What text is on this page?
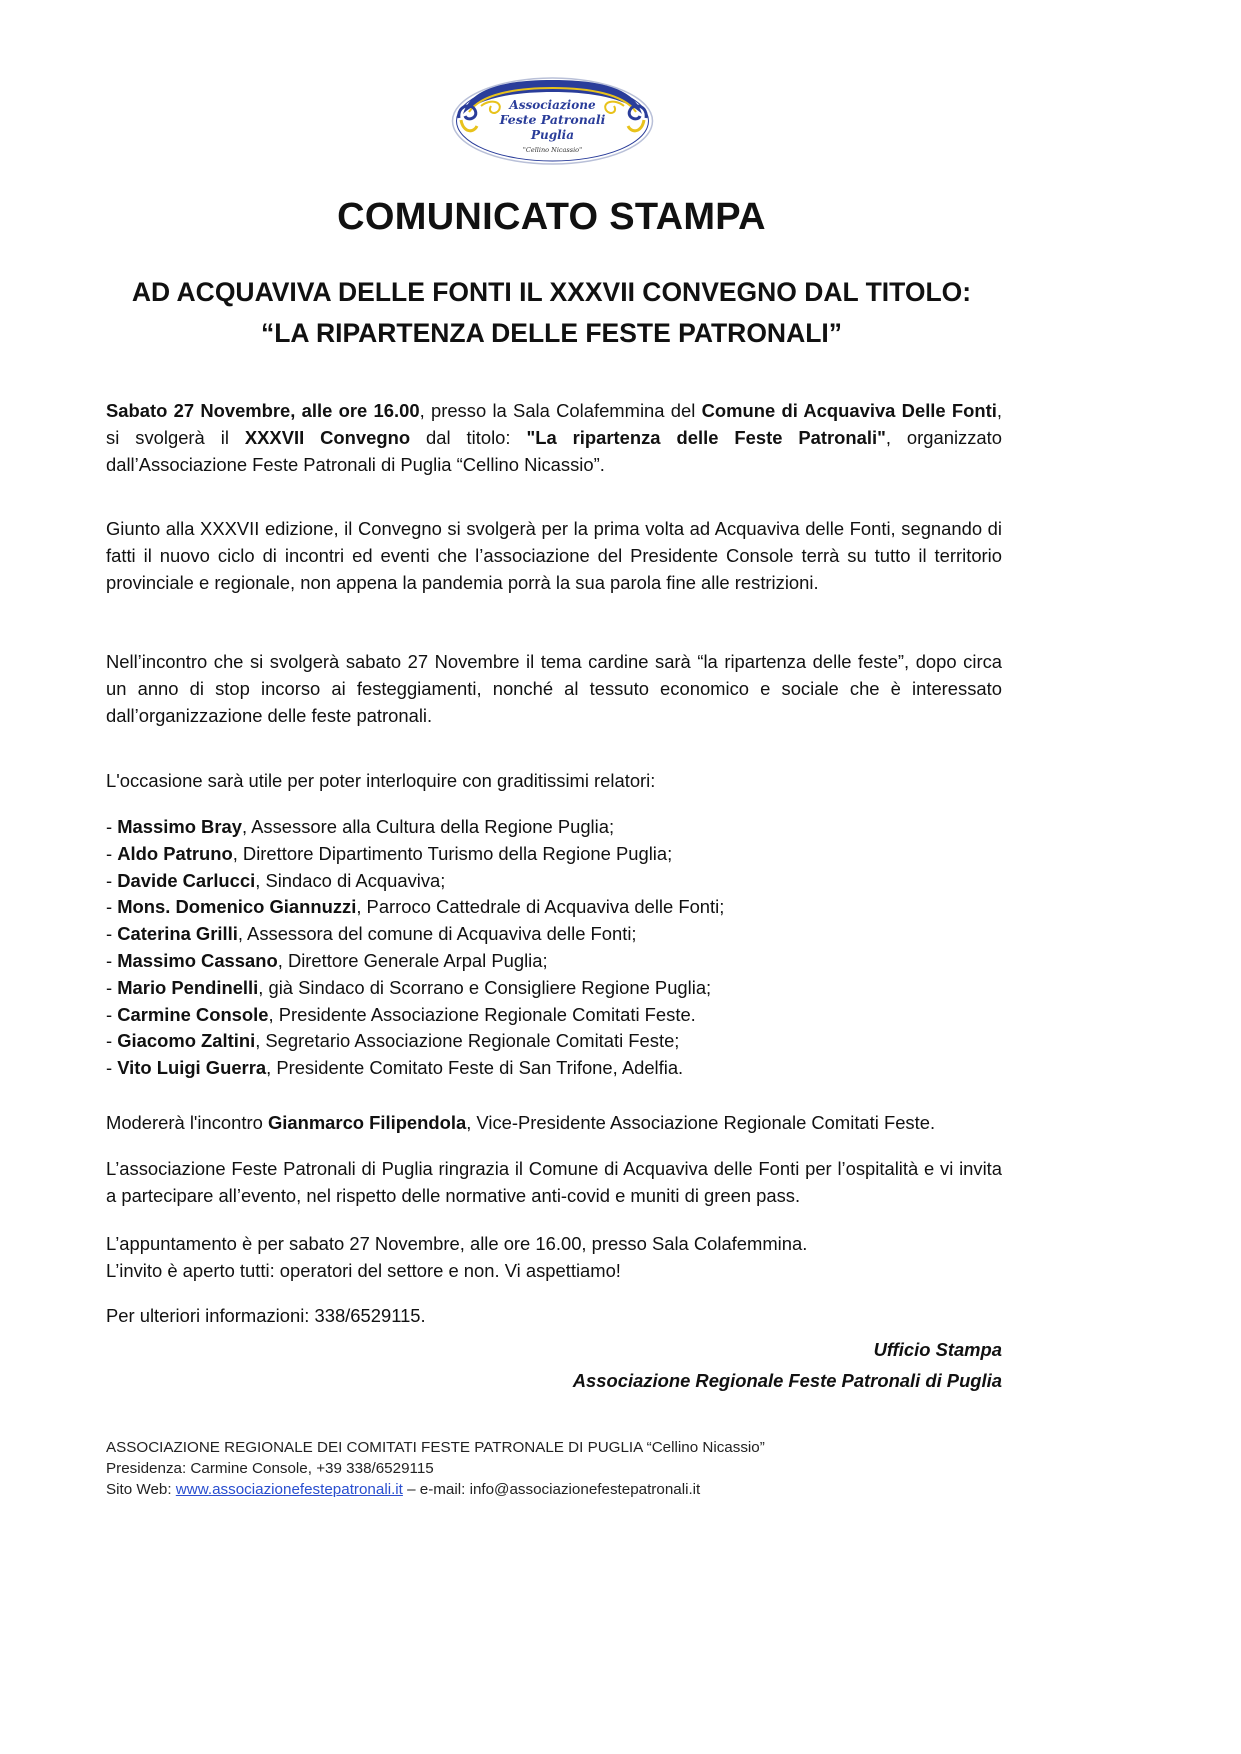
Associazione
Feste Patronali
Puglia
"Cellino Nicassio"
COMUNICATO STAMPA
AD ACQUAVIVA DELLE FONTI IL XXXVII CONVEGNO DAL TITOLO:
“LA RIPARTENZA DELLE FESTE PATRONALI”
Sabato 27 Novembre, alle ore 16.00, presso la Sala Colafemmina del Comune di Acquaviva Delle Fonti, si svolgerà il XXXVII Convegno dal titolo: "La ripartenza delle Feste Patronali", organizzato dall’Associazione Feste Patronali di Puglia “Cellino Nicassio”.
Giunto alla XXXVII edizione, il Convegno si svolgerà per la prima volta ad Acquaviva delle Fonti, segnando di fatti il nuovo ciclo di incontri ed eventi che l’associazione del Presidente Console terrà su tutto il territorio provinciale e regionale, non appena la pandemia porrà la sua parola fine alle restrizioni.
Nell’incontro che si svolgerà sabato 27 Novembre il tema cardine sarà “la ripartenza delle feste”, dopo circa un anno di stop incorso ai festeggiamenti, nonché al tessuto economico e sociale che è interessato dall’organizzazione delle feste patronali.
L'occasione sarà utile per poter interloquire con graditissimi relatori:
- Massimo Bray, Assessore alla Cultura della Regione Puglia;
- Aldo Patruno, Direttore Dipartimento Turismo della Regione Puglia;
- Davide Carlucci, Sindaco di Acquaviva;
- Mons. Domenico Giannuzzi, Parroco Cattedrale di Acquaviva delle Fonti;
- Caterina Grilli, Assessora del comune di Acquaviva delle Fonti;
- Massimo Cassano, Direttore Generale Arpal Puglia;
- Mario Pendinelli, già Sindaco di Scorrano e Consigliere Regione Puglia;
- Carmine Console, Presidente Associazione Regionale Comitati Feste.
- Giacomo Zaltini, Segretario Associazione Regionale Comitati Feste;
- Vito Luigi Guerra, Presidente Comitato Feste di San Trifone, Adelfia.
Modererà l'incontro Gianmarco Filipendola, Vice-Presidente Associazione Regionale Comitati Feste.
L’associazione Feste Patronali di Puglia ringrazia il Comune di Acquaviva delle Fonti per l’ospitalità e vi invita a partecipare all’evento, nel rispetto delle normative anti-covid e muniti di green pass.
L’appuntamento è per sabato 27 Novembre, alle ore 16.00, presso Sala Colafemmina.
L’invito è aperto tutti: operatori del settore e non. Vi aspettiamo!
Per ulteriori informazioni: 338/6529115.
Ufficio Stampa
Associazione Regionale Feste Patronali di Puglia
ASSOCIAZIONE REGIONALE DEI COMITATI FESTE PATRONALE DI PUGLIA “Cellino Nicassio”
Presidenza: Carmine Console, +39 338/6529115
Sito Web: www.associazionefestepatronali.it – e-mail: info@associazionefestepatronali.it
